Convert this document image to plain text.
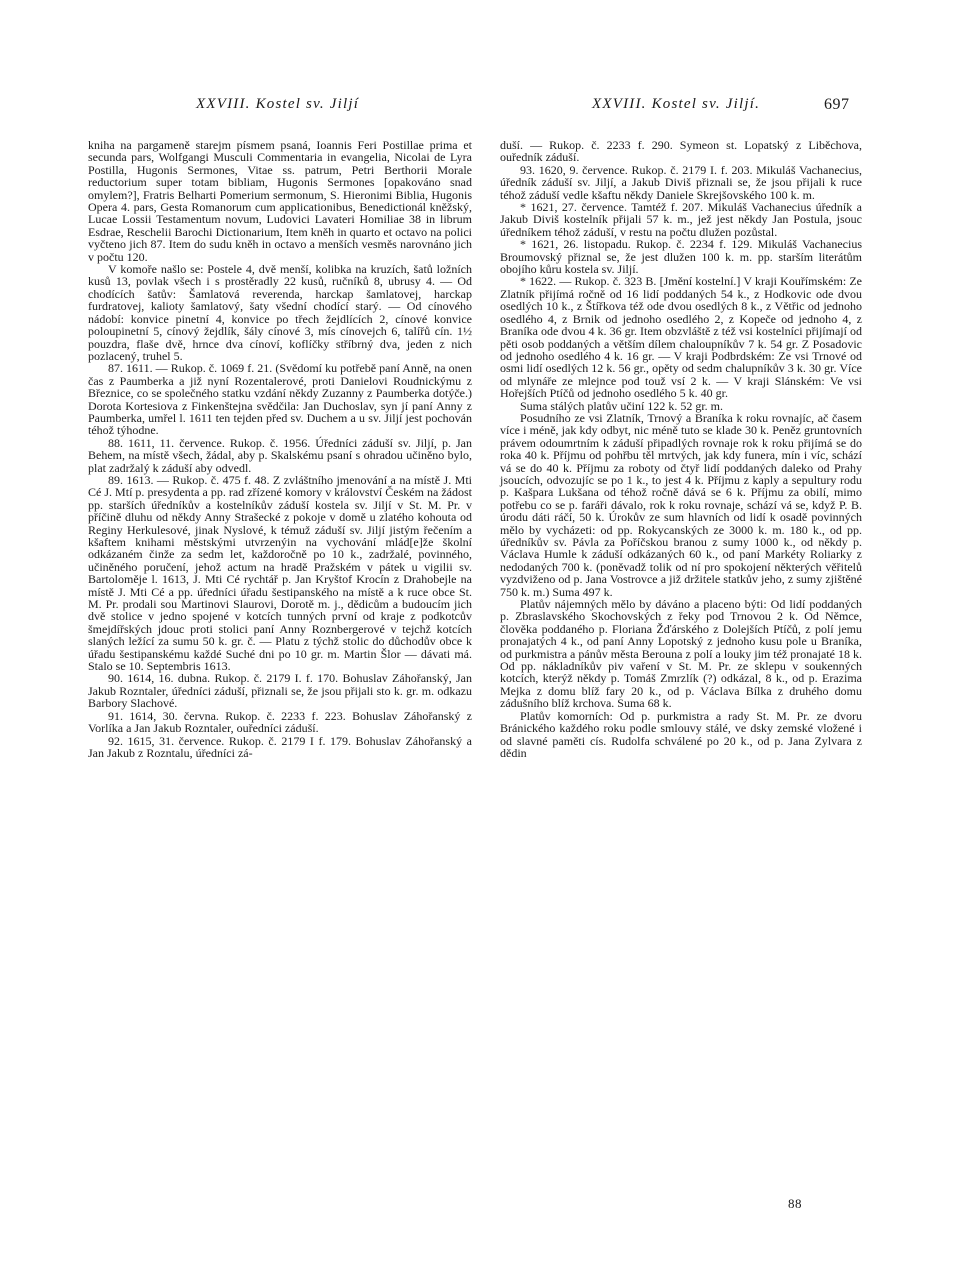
XXVIII. Kostel sv. Jiljí	XXVIII. Kostel sv. Jiljí.	697

kniha na pargameně starejm písmem psaná, Ioannis Feri Postillae prima et secunda pars, Wolfgangi Musculi Commentaria in evangelia, Nicolai de Lyra Postilla, Hugonis Sermones, Vitae ss. patrum, Petri Berthorii Morale reductorium super totam bibliam, Hugonis Sermones [opakováno snad omylem?], Fratris Belharti Pomerium sermonum, S. Hieronimi Biblia, Hugonis Opera 4. pars, Gesta Romanorum cum applicationibus, Benedictionál kněžský, Lucae Lossii Testamentum novum, Ludovici Lavateri Homiliae 38 in librum Esdrae, Reschelii Barochi Dictionarium, Item kněh in quarto et octavo na polici vyčteno jich 87. Item do sudu kněh in octavo a menších vesměs narovnáno jich v počtu 120.

V komoře našlo se: Postele 4, dvě menší, kolibka na kruzích, šatů ložních kusů 13, povlak všech i s prostěradly 22 kusů, ručníků 8, ubrusy 4. — Od chodících šatův: Šamlatová reverenda, harckap šamlatovej, harckap furdratovej, kalioty šamlatový, šaty všední chodící starý. — Od cínového nádobí: konvice pinetní 4, konvice po třech žejdlících 2, cínové konvice poloupinetní 5, cínový žejdlík, šály cínové 3, mís cínovejch 6, talířů cín. 1½ pouzdra, flaše dvě, hrnce dva cínoví, koflíčky stříbrný dva, jeden z nich pozlacený, truhel 5.

87. 1611. — Rukop. č. 1069 f. 21. (Svědomí ku potřebě paní Anně, na onen čas z Paumberka a již nyní Rozentalerové, proti Danielovi Roudnickýmu z Březnice, co se společného statku vzdání někdy Zuzanny z Paumberka dotýče.) Dorota Kortesiova z Finkenštejna svědčila: Jan Duchoslav, syn jí paní Anny z Paumberka, umřel l. 1611 ten tejden před sv. Duchem a u sv. Jiljí jest pochován téhož týhodne.

88. 1611, 11. července. Rukop. č. 1956. Úředníci záduší sv. Jiljí, p. Jan Behem, na místě všech, žádal, aby p. Skalskému psaní s ohradou učiněno bylo, plat zadržalý k záduší aby odvedl.

89. 1613. — Rukop. č. 475 f. 48. Z zvláštního jmenování a na místě J. Mti Cé J. Mtí p. presydenta a pp. rad zřízené komory v království Českém na žádost pp. starších úředníkův a kostelníkův záduší kostela sv. Jiljí v St. M. Pr. v příčině dluhu od někdy Anny Strašecké z pokoje v domě u zlatého kohouta od Reginy Herkulesové, jinak Nyslové, k témuž záduší sv. Jiljí jistým řečením a kšaftem knihami městskými utvrzenýin na vychování mlád[e]že školní odkázaném činže za sedm let, každoročně po 10 k., zadržalé, povinného, učiněného poručení, jehož actum na hradě Pražském v pátek u vigilii sv. Bartoloměje l. 1613, J. Mti Cé rychtář p. Jan Kryštof Krocín z Drahobejle na místě J. Mti Cé a pp. úředníci úřadu šestipanského na místě a k ruce obce St. M. Pr. prodali sou Martinovi Slaurovi, Dorotě m. j., dědicům a budoucím jich dvě stolice v jedno spojené v kotcích tunných první od kraje z podkotcův šmejdířských jdouc proti stolici paní Anny Roznbergerové v tejchž kotcích slaných ležící za sumu 50 k. gr. č. — Platu z týchž stolic do důchodův obce k úřadu šestipanskému každé Suché dni po 10 gr. m. Martin Šlor — dávati má. Stalo se 10. Septembris 1613.

90. 1614, 16. dubna. Rukop. č. 2179 I. f. 170. Bohuslav Záhořanský, Jan Jakub Rozntaler, úředníci záduší, přiznali se, že jsou přijali sto k. gr. m. odkazu Barbory Slachové.

91. 1614, 30. června. Rukop. č. 2233 f. 223. Bohuslav Záhořanský z Vorlíka a Jan Jakub Rozntaler, ouředníci záduší.

92. 1615, 31. července. Rukop. č. 2179 I f. 179. Bohuslav Záhořanský a Jan Jakub z Rozntalu, úředníci zá-

duší. — Rukop. č. 2233 f. 290. Symeon st. Lopatský z Liběchova, ouředník záduší.

93. 1620, 9. července. Rukop. č. 2179 I. f. 203. Mikuláš Vachanecius, úředník záduší sv. Jiljí, a Jakub Diviš přiznali se, že jsou přijali k ruce téhož záduší vedle kšaftu někdy Daniele Skrejšovského 100 k. m.

* 1621, 27. července. Tamtéž f. 207. Mikuláš Vachanecius úředník a Jakub Diviš kostelník přijali 57 k. m., jež jest někdy Jan Postula, jsouc úředníkem téhož záduší, v restu na počtu dlužen pozůstal.

* 1621, 26. listopadu. Rukop. č. 2234 f. 129. Mikuláš Vachanecius Broumovský přiznal se, že jest dlužen 100 k. m. pp. starším literátům obojího kůru kostela sv. Jiljí.

* 1622. — Rukop. č. 323 B. [Jmění kostelní.] V kraji Kouřímském: Ze Zlatník přijímá ročně od 16 lidí poddaných 54 k., z Hodkovic ode dvou osedlých 10 k., z Štířkova též ode dvou osedlých 8 k., z Větřic od jednoho osedlého 4, z Brnik od jednoho osedlého 2, z Kopeče od jednoho 4, z Braníka ode dvou 4 k. 36 gr. Item obzvláště z též vsi kostelníci přijímají od pěti osob poddaných a větším dílem chaloupníkův 7 k. 54 gr. Z Posadovic od jednoho osedlého 4 k. 16 gr. — V kraji Podbrdském: Ze vsi Trnové od osmi lidí osedlých 12 k. 56 gr., opěty od sedm chalupníkův 3 k. 30 gr. Více od mlynáře ze mlejnce pod touž vsí 2 k. — V kraji Slánském: Ve vsi Hořejších Ptíčů od jednoho osedlého 5 k. 40 gr.

Suma stálých platův učiní 122 k. 52 gr. m.

Posudního ze vsi Zlatník, Trnový a Braníka k roku rovnajíc, ač časem více i méně, jak kdy odbyt, nic méně tuto se klade 30 k. Peněz gruntovních právem odoumrtním k záduší připadlých rovnaje rok k roku přijímá se do roka 40 k. Příjmu od pohřbu těl mrtvých, jak kdy funera, mín i víc, schází vá se do 40 k. Příjmu za roboty od čtyř lidí poddaných daleko od Prahy jsoucích, odvozujíc se po 1 k., to jest 4 k. Příjmu z kaply a sepultury rodu p. Kašpara Lukšana od téhož ročně dává se 6 k. Příjmu za obilí, mimo potřebu co se p. faráři dávalo, rok k roku rovnaje, schází vá se, když P. B. úrodu dáti ráčí, 50 k. Úrokův ze sum hlavních od lidí k osadě povinných mělo by vycházeti: od pp. Rokycanských ze 3000 k. m. 180 k., od pp. úředníkův sv. Pávla za Poříčskou branou z sumy 1000 k., od někdy p. Václava Humle k záduší odkázaných 60 k., od paní Markéty Roliarky z nedodaných 700 k. (poněvadž tolik od ní pro spokojení některých věřitelů vyzdviženo od p. Jana Vostrovce a již držitele statkův jeho, z sumy zjištěné 750 k. m.) Suma 497 k.

Platův nájemných mělo by dáváno a placeno býti: Od lidí poddaných p. Zbraslavského Skochovských z řeky pod Trnovou 2 k. Od Němce, člověka poddaného p. Floriana Žďárského z Dolejších Ptíčů, z polí jemu pronajatých 4 k., od paní Anny Lopotský z jednoho kusu pole u Braníka, od purkmistra a pánův města Berouna z polí a louky jim též pronajaté 18 k. Od pp. nákladníkův piv vaření v St. M. Pr. ze sklepu v soukenných kotcích, kterýž někdy p. Tomáš Zmrzlík (?) odkázal, 8 k., od p. Erazima Mejka z domu blíž fary 20 k., od p. Václava Bílka z druhého domu zádušního blíž krchova. Suma 68 k.

Platův komorních: Od p. purkmistra a rady St. M. Pr. ze dvoru Bránického každého roku podle smlouvy stálé, ve dsky zemské vložené i od slavné paměti cís. Rudolfa schválené po 20 k., od p. Jana Zylvara z dědin

88
